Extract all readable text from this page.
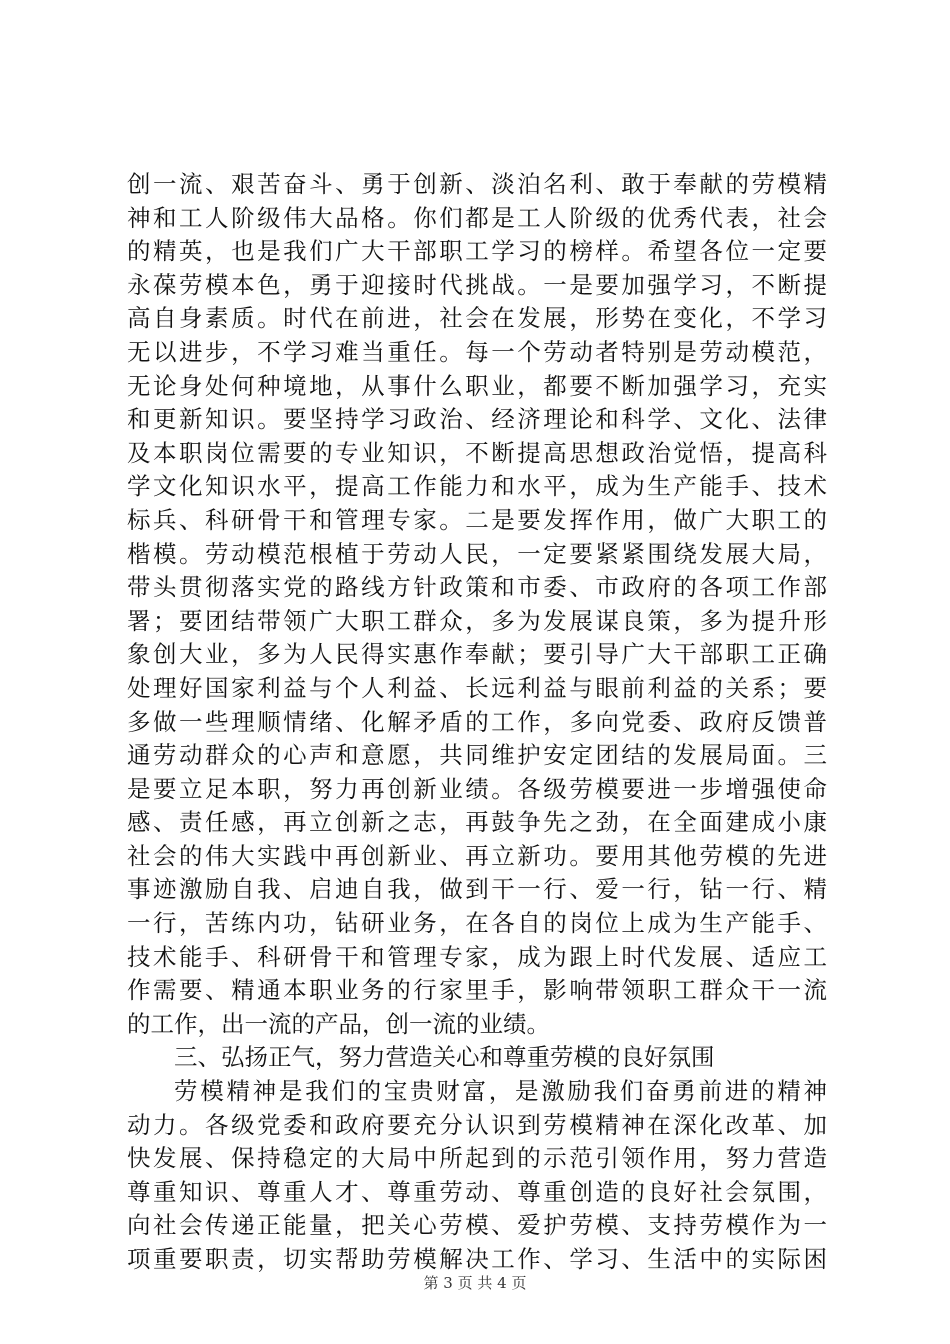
创一流、艰苦奋斗、勇于创新、淡泊名利、敢于奉献的劳模精
神和工人阶级伟大品格。你们都是工人阶级的优秀代表，社会
的精英，也是我们广大干部职工学习的榜样。希望各位一定要
永葆劳模本色，勇于迎接时代挑战。一是要加强学习，不断提
高自身素质。时代在前进，社会在发展，形势在变化，不学习
无以进步，不学习难当重任。每一个劳动者特别是劳动模范，
无论身处何种境地，从事什么职业，都要不断加强学习，充实
和更新知识。要坚持学习政治、经济理论和科学、文化、法律
及本职岗位需要的专业知识，不断提高思想政治觉悟，提高科
学文化知识水平，提高工作能力和水平，成为生产能手、技术
标兵、科研骨干和管理专家。二是要发挥作用，做广大职工的
楷模。劳动模范根植于劳动人民，一定要紧紧围绕发展大局，
带头贯彻落实党的路线方针政策和市委、市政府的各项工作部
署；要团结带领广大职工群众，多为发展谋良策，多为提升形
象创大业，多为人民得实惠作奉献；要引导广大干部职工正确
处理好国家利益与个人利益、长远利益与眼前利益的关系；要
多做一些理顺情绪、化解矛盾的工作，多向党委、政府反馈普
通劳动群众的心声和意愿，共同维护安定团结的发展局面。三
是要立足本职，努力再创新业绩。各级劳模要进一步增强使命
感、责任感，再立创新之志，再鼓争先之劲，在全面建成小康
社会的伟大实践中再创新业、再立新功。要用其他劳模的先进
事迹激励自我、启迪自我，做到干一行、爱一行，钻一行、精
一行，苦练内功，钻研业务，在各自的岗位上成为生产能手、
技术能手、科研骨干和管理专家，成为跟上时代发展、适应工
作需要、精通本职业务的行家里手，影响带领职工群众干一流
的工作，出一流的产品，创一流的业绩。
三、弘扬正气，努力营造关心和尊重劳模的良好氛围
劳模精神是我们的宝贵财富，是激励我们奋勇前进的精神
动力。各级党委和政府要充分认识到劳模精神在深化改革、加
快发展、保持稳定的大局中所起到的示范引领作用，努力营造
尊重知识、尊重人才、尊重劳动、尊重创造的良好社会氛围，
向社会传递正能量，把关心劳模、爱护劳模、支持劳模作为一
项重要职责，切实帮助劳模解决工作、学习、生活中的实际困
第 3 页 共 4 页
